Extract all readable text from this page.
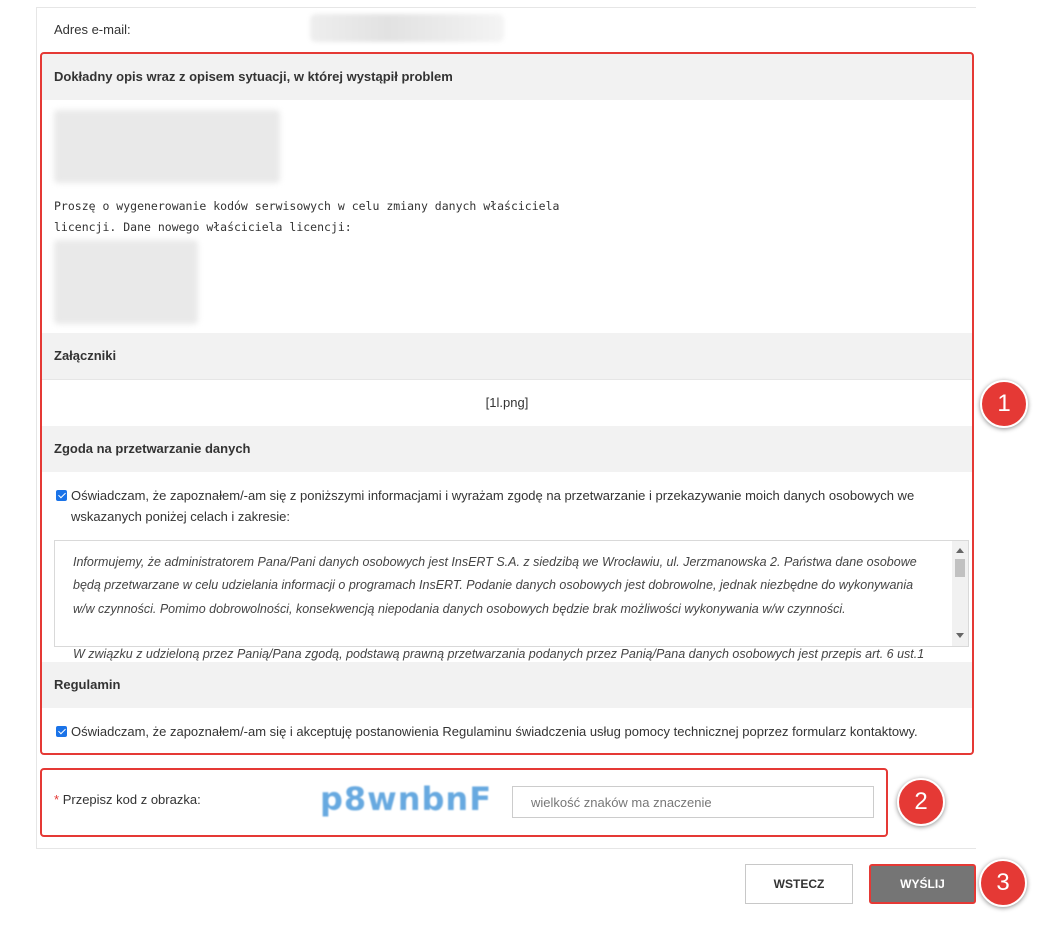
Adres e-mail:
Dokładny opis wraz z opisem sytuacji, w której wystąpił problem
Proszę o wygenerowanie kodów serwisowych w celu zmiany danych właściciela
licencji. Dane nowego właściciela licencji:
Załączniki
[1l.png]
Zgoda na przetwarzanie danych
Oświadczam, że zapoznałem/-am się z poniższymi informacjami i wyrażam zgodę na przetwarzanie i przekazywanie moich danych osobowych we wskazanych poniżej celach i zakresie:
Informujemy, że administratorem Pana/Pani danych osobowych jest InsERT S.A. z siedzibą we Wrocławiu, ul. Jerzmanowska 2. Państwa dane osobowe będą przetwarzane w celu udzielania informacji o programach InsERT. Podanie danych osobowych jest dobrowolne, jednak niezbędne do wykonywania w/w czynności. Pomimo dobrowolności, konsekwencją niepodania danych osobowych będzie brak możliwości wykonywania w/w czynności.
W związku z udzieloną przez Panią/Pana zgodą, podstawą prawną przetwarzania podanych przez Panią/Pana danych osobowych jest przepis art. 6 ust.1
Regulamin
Oświadczam, że zapoznałem/-am się i akceptuję postanowienia Regulaminu świadczenia usług pomocy technicznej poprzez formularz kontaktowy.
* Przepisz kod z obrazka:	p8wnbnF
wielkość znaków ma znaczenie
WSTECZ	WYŚLIJ
1
2
3
